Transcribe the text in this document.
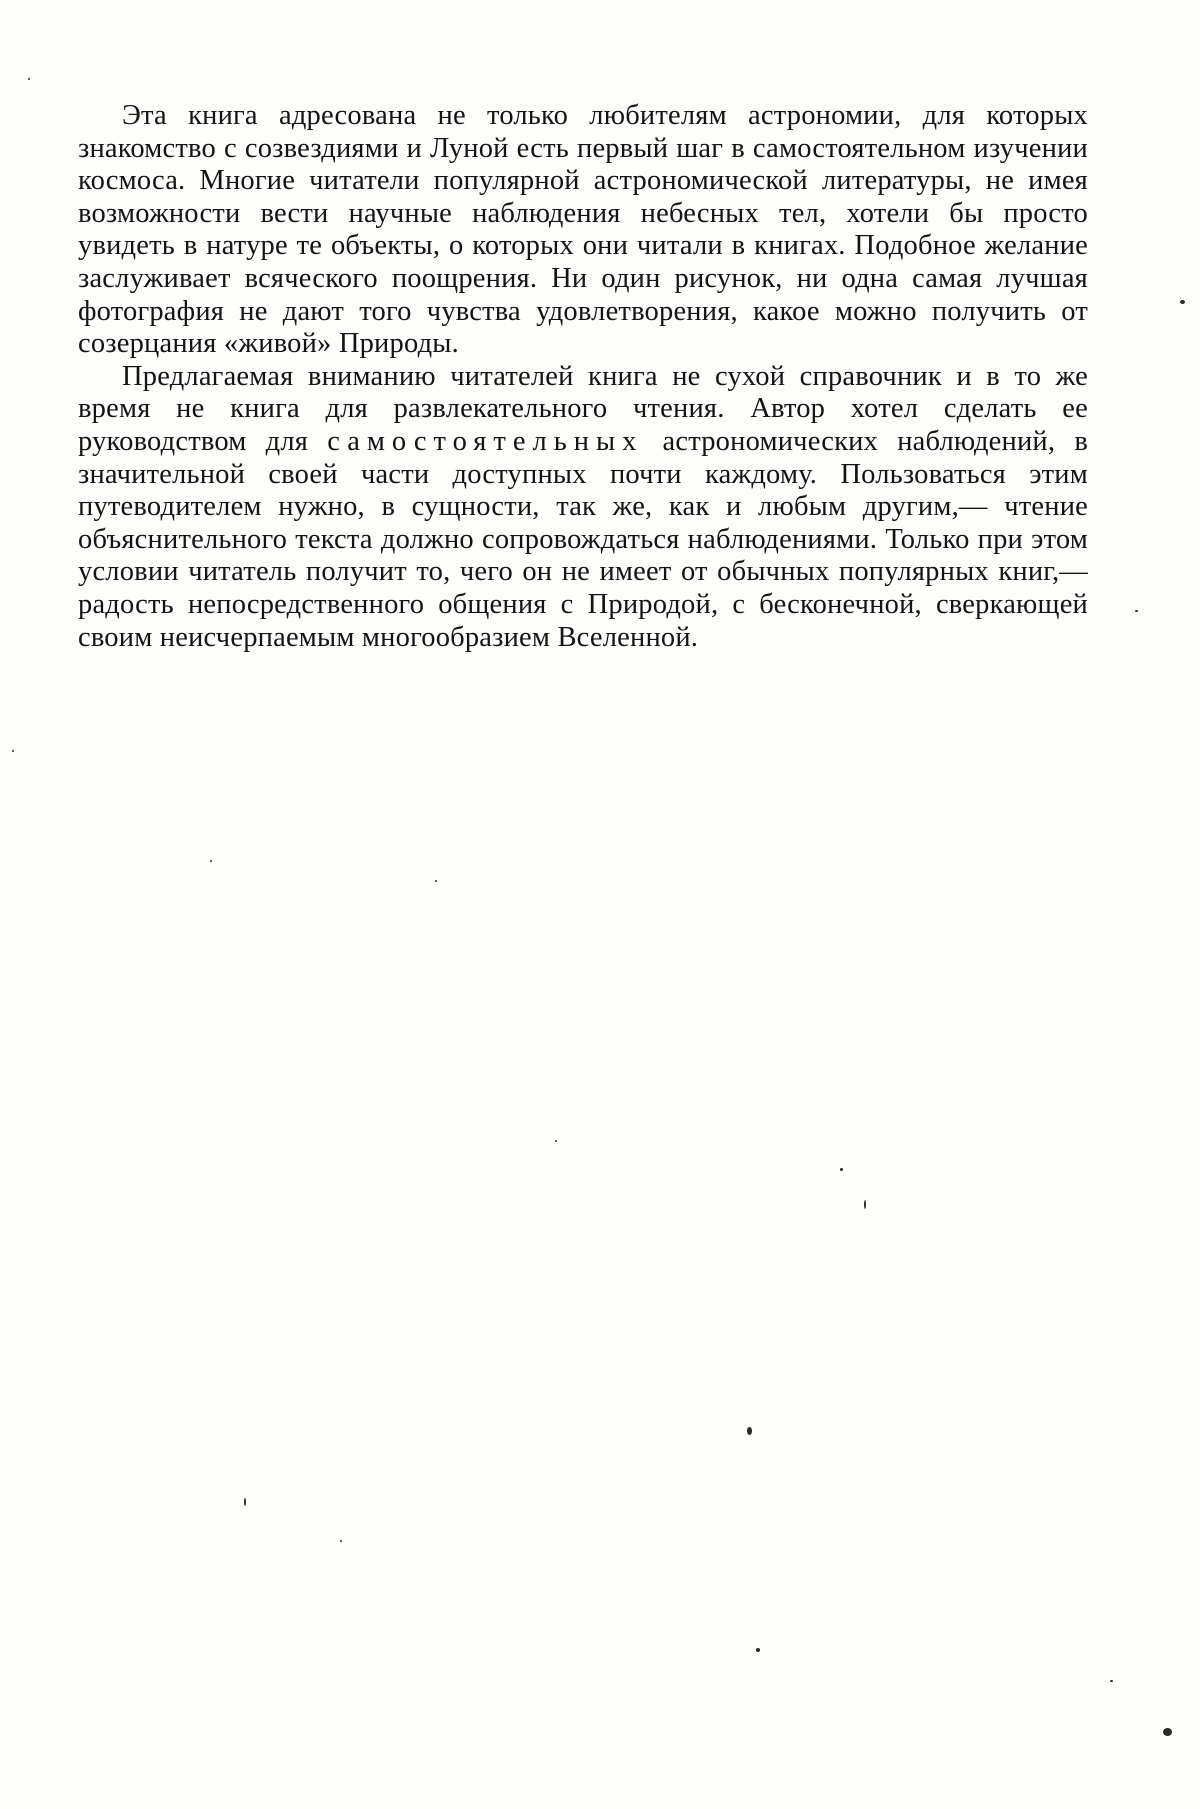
Эта книга адресована не только любителям астрономии, для которых знакомство с созвездиями и Луной есть первый шаг в самостоятельном изучении космоса. Многие читатели популярной астрономической литературы, не имея возможности вести научные наблюдения небесных тел, хотели бы просто увидеть в натуре те объекты, о которых они читали в книгах. Подобное желание заслуживает всяческого поощрения. Ни один рисунок, ни одна самая лучшая фотография не дают того чувства удовлетворения, какое можно получить от созерцания «живой» Природы.

Предлагаемая вниманию читателей книга не сухой справочник и в то же время не книга для развлекательного чтения. Автор хотел сделать ее руководством для самостоятельных астрономических наблюдений, в значительной своей части доступных почти каждому. Пользоваться этим путеводителем нужно, в сущности, так же, как и любым другим,— чтение объяснительного текста должно сопровождаться наблюдениями. Только при этом условии читатель получит то, чего он не имеет от обычных популярных книг,— радость непосредственного общения с Природой, с бесконечной, сверкающей своим неисчерпаемым многообразием Вселенной.
